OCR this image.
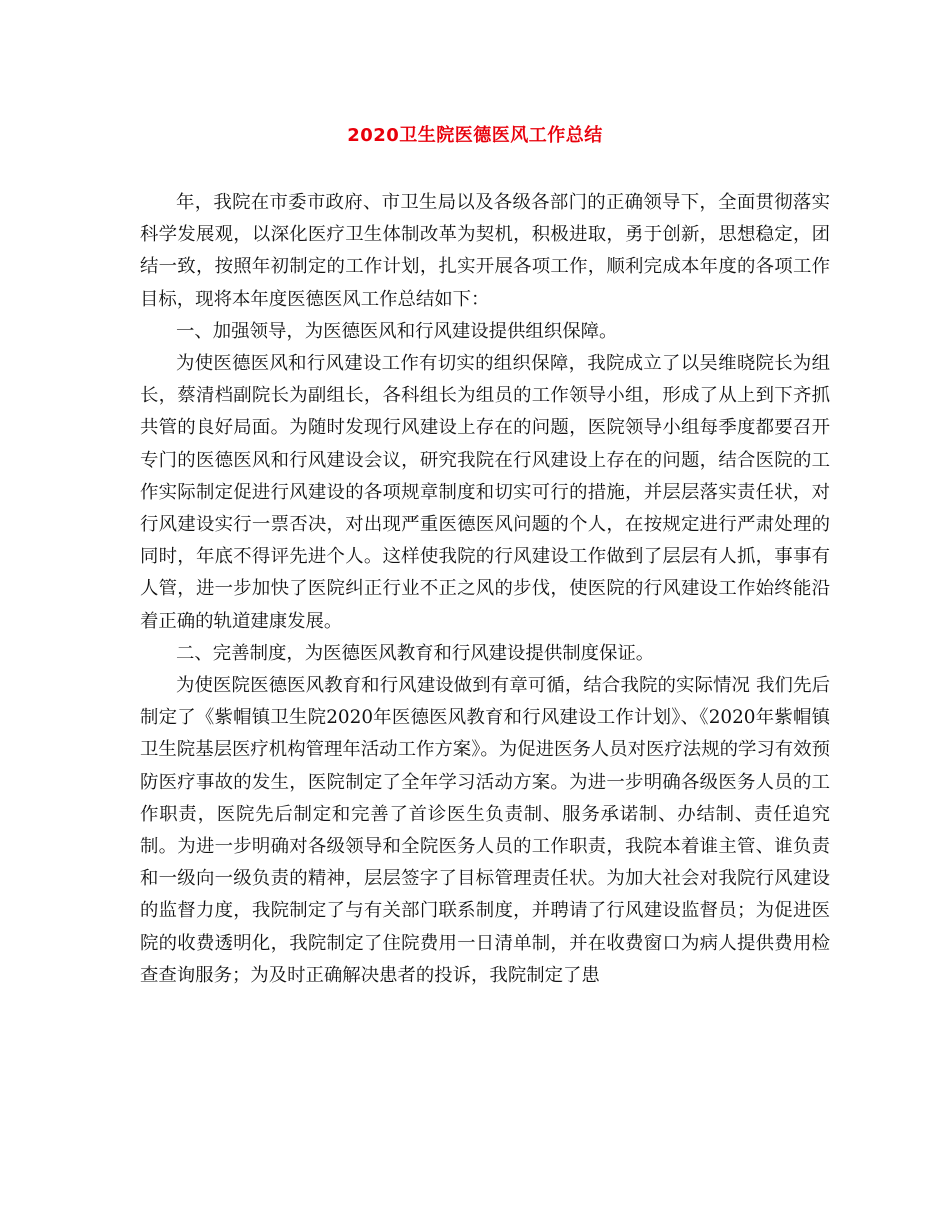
2020卫生院医德医风工作总结

年，我院在市委市政府、市卫生局以及各级各部门的正确领导下，全面贯彻落实科学发展观，以深化医疗卫生体制改革为契机，积极进取，勇于创新，思想稳定，团结一致，按照年初制定的工作计划，扎实开展各项工作，顺利完成本年度的各项工作目标，现将本年度医德医风工作总结如下：

一、加强领导，为医德医风和行风建设提供组织保障。

为使医德医风和行风建设工作有切实的组织保障，我院成立了以吴维晓院长为组长，蔡清档副院长为副组长，各科组长为组员的工作领导小组，形成了从上到下齐抓共管的良好局面。为随时发现行风建设上存在的问题，医院领导小组每季度都要召开专门的医德医风和行风建设会议，研究我院在行风建设上存在的问题，结合医院的工作实际制定促进行风建设的各项规章制度和切实可行的措施，并层层落实责任状，对行风建设实行一票否决，对出现严重医德医风问题的个人，在按规定进行严肃处理的同时，年底不得评先进个人。这样使我院的行风建设工作做到了层层有人抓，事事有人管，进一步加快了医院纠正行业不正之风的步伐，使医院的行风建设工作始终能沿着正确的轨道建康发展。

二、完善制度，为医德医风教育和行风建设提供制度保证。

为使医院医德医风教育和行风建设做到有章可循，结合我院的实际情况 我们先后制定了《紫帽镇卫生院2020年医德医风教育和行风建设工作计划》、《2020年紫帽镇卫生院基层医疗机构管理年活动工作方案》。为促进医务人员对医疗法规的学习有效预防医疗事故的发生，医院制定了全年学习活动方案。为进一步明确各级医务人员的工作职责，医院先后制定和完善了首诊医生负责制、服务承诺制、办结制、责任追究制。为进一步明确对各级领导和全院医务人员的工作职责，我院本着谁主管、谁负责和一级向一级负责的精神，层层签字了目标管理责任状。为加大社会对我院行风建设的监督力度，我院制定了与有关部门联系制度，并聘请了行风建设监督员；为促进医院的收费透明化，我院制定了住院费用一日清单制，并在收费窗口为病人提供费用检查查询服务；为及时正确解决患者的投诉，我院制定了患
